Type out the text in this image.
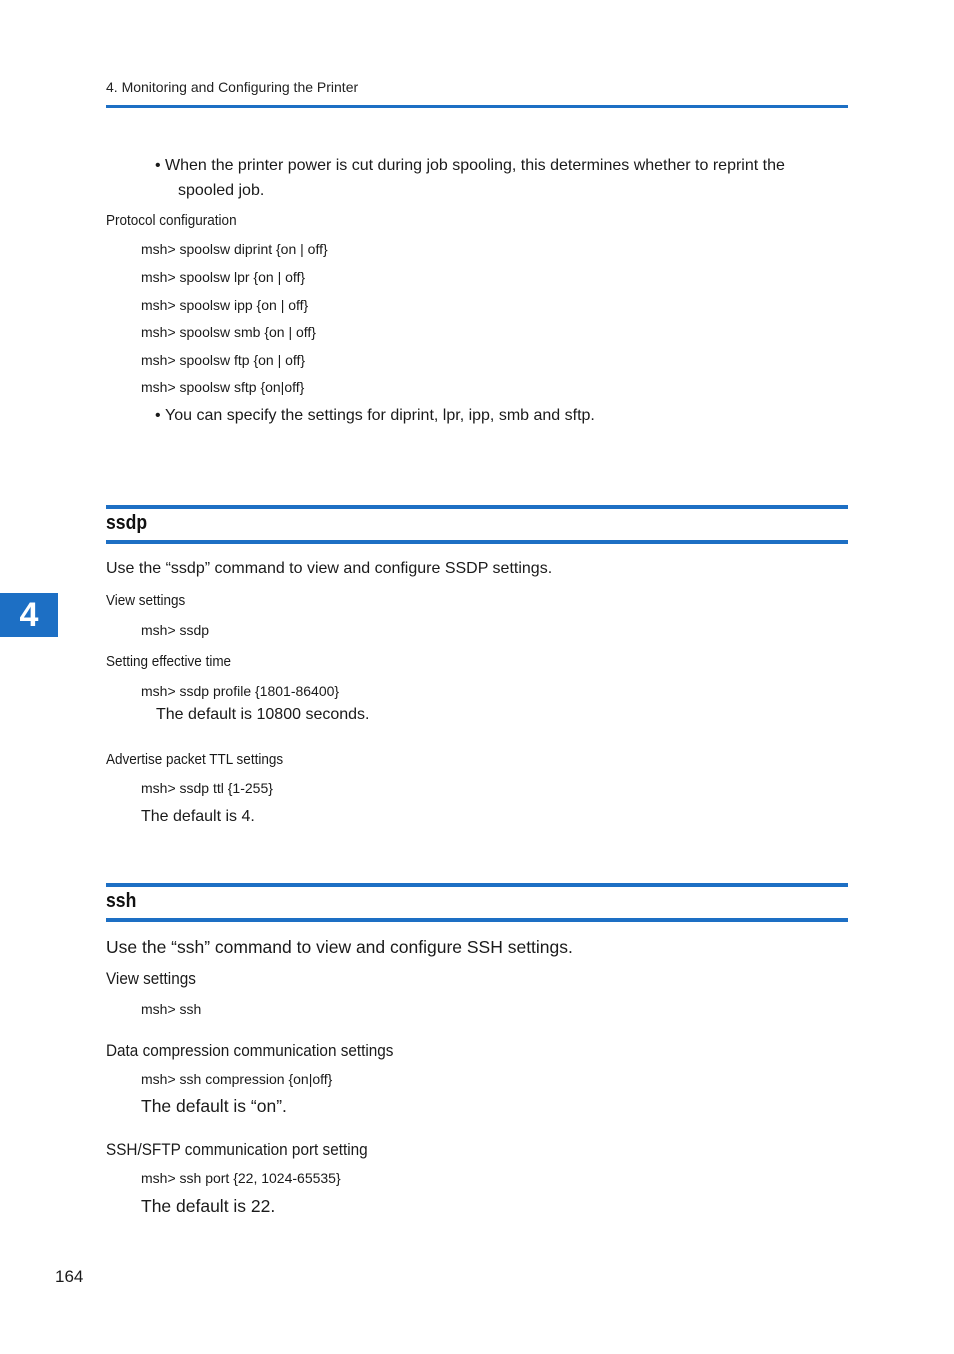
4. Monitoring and Configuring the Printer
• When the printer power is cut during job spooling, this determines whether to reprint the
spooled job.
Protocol configuration
msh> spoolsw diprint {on | off}
msh> spoolsw lpr {on | off}
msh> spoolsw ipp {on | off}
msh> spoolsw smb {on | off}
msh> spoolsw ftp {on | off}
msh> spoolsw sftp {on|off}
• You can specify the settings for diprint, lpr, ipp, smb and sftp.
ssdp
Use the “ssdp” command to view and configure SSDP settings.
4	View settings
msh> ssdp
Setting effective time
msh> ssdp profile {1801-86400}
The default is 10800 seconds.
Advertise packet TTL settings
msh> ssdp ttl {1-255}
The default is 4.
ssh
Use the “ssh” command to view and configure SSH settings.
View settings
msh> ssh
Data compression communication settings
msh> ssh compression {on|off}
The default is “on”.
SSH/SFTP communication port setting
msh> ssh port {22, 1024-65535}
The default is 22.
164
